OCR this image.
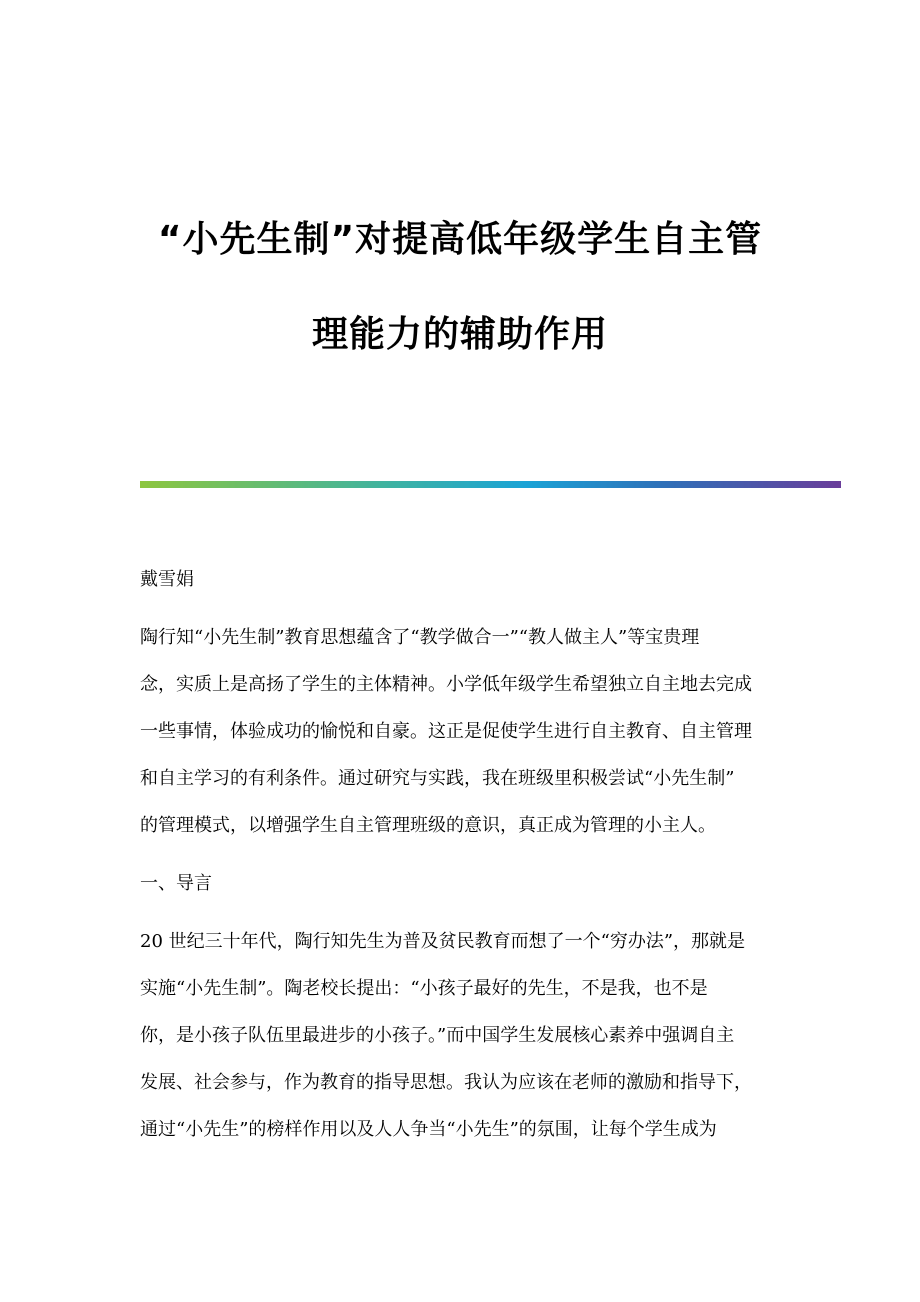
“小先生制”对提高低年级学生自主管
理能力的辅助作用
戴雪娟
陶行知“小先生制”教育思想蕴含了“教学做合一”“教人做主人”等宝贵理
念，实质上是高扬了学生的主体精神。小学低年级学生希望独立自主地去完成
一些事情，体验成功的愉悦和自豪。这正是促使学生进行自主教育、自主管理
和自主学习的有利条件。通过研究与实践，我在班级里积极尝试“小先生制”
的管理模式，以增强学生自主管理班级的意识，真正成为管理的小主人。
一、导言
20 世纪三十年代，陶行知先生为普及贫民教育而想了一个“穷办法”，那就是
实施“小先生制”。陶老校长提出：“小孩子最好的先生，不是我，也不是
你，是小孩子队伍里最进步的小孩子。”而中国学生发展核心素养中强调自主
发展、社会参与，作为教育的指导思想。我认为应该在老师的激励和指导下，
通过“小先生”的榜样作用以及人人争当“小先生”的氛围，让每个学生成为
